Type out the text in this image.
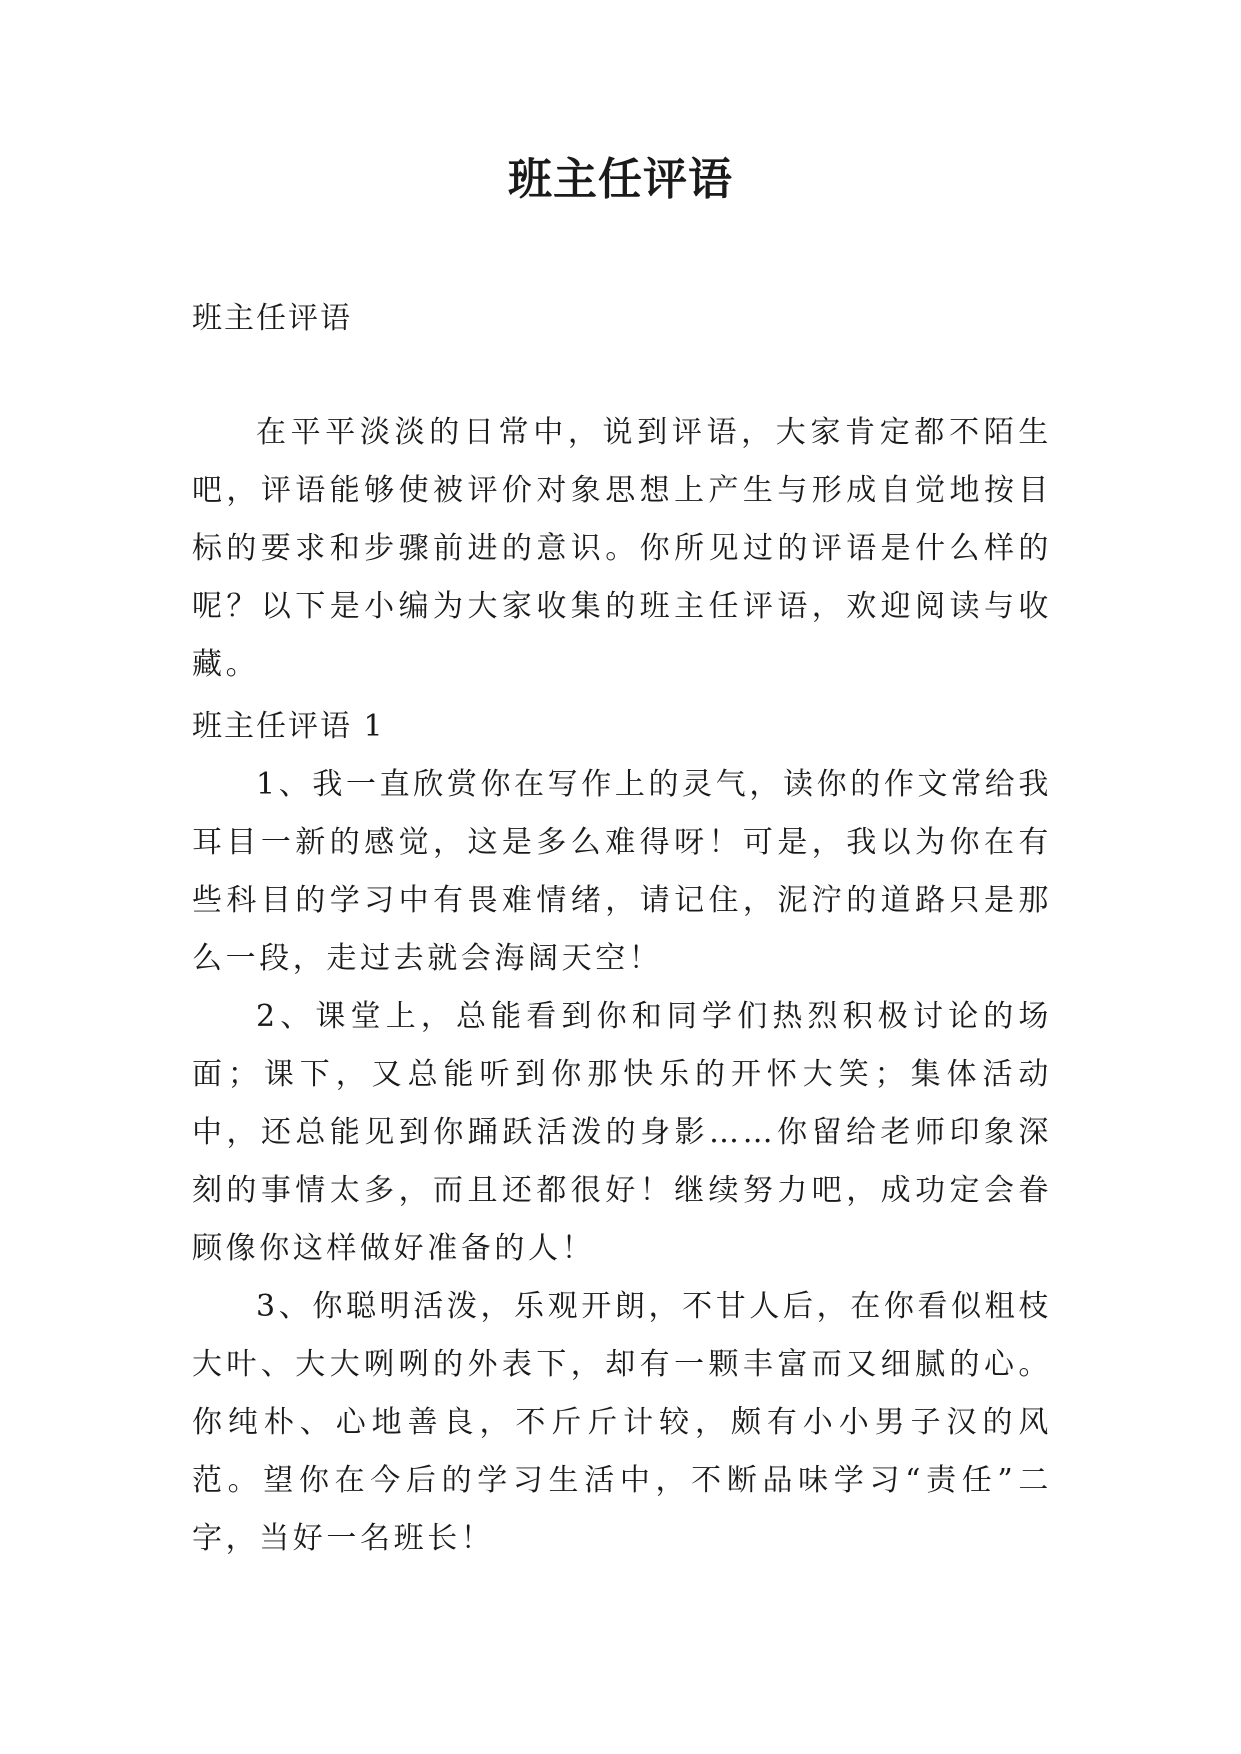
班主任评语

班主任评语

在平平淡淡的日常中，说到评语，大家肯定都不陌生吧，评语能够使被评价对象思想上产生与形成自觉地按目标的要求和步骤前进的意识。你所见过的评语是什么样的呢？以下是小编为大家收集的班主任评语，欢迎阅读与收藏。

班主任评语 1

1、我一直欣赏你在写作上的灵气，读你的作文常给我耳目一新的感觉，这是多么难得呀！可是，我以为你在有些科目的学习中有畏难情绪，请记住，泥泞的道路只是那么一段，走过去就会海阔天空！

2、课堂上，总能看到你和同学们热烈积极讨论的场面；课下，又总能听到你那快乐的开怀大笑；集体活动中，还总能见到你踊跃活泼的身影……你留给老师印象深刻的事情太多，而且还都很好！继续努力吧，成功定会眷顾像你这样做好准备的人！

3、你聪明活泼，乐观开朗，不甘人后，在你看似粗枝大叶、大大咧咧的外表下，却有一颗丰富而又细腻的心。你纯朴、心地善良，不斤斤计较，颇有小小男子汉的风范。望你在今后的学习生活中，不断品味学习“责任”二字，当好一名班长！
